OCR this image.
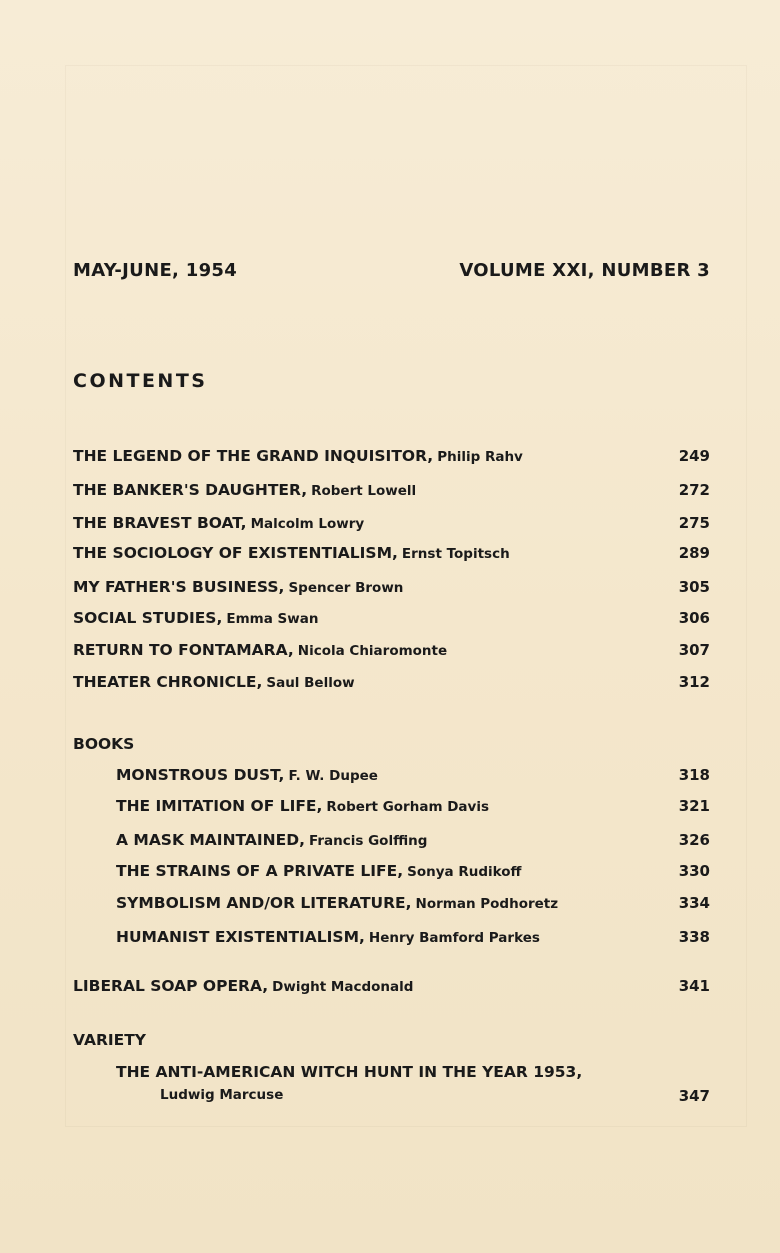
MAY-JUNE, 1954	VOLUME XXI, NUMBER 3
CONTENTS
THE LEGEND OF THE GRAND INQUISITOR, Philip Rahv	249
THE BANKER'S DAUGHTER, Robert Lowell	272
THE BRAVEST BOAT, Malcolm Lowry	275
THE SOCIOLOGY OF EXISTENTIALISM, Ernst Topitsch	289
MY FATHER'S BUSINESS, Spencer Brown	305
SOCIAL STUDIES, Emma Swan	306
RETURN TO FONTAMARA, Nicola Chiaromonte	307
THEATER CHRONICLE, Saul Bellow	312
BOOKS
MONSTROUS DUST, F. W. Dupee	318
THE IMITATION OF LIFE, Robert Gorham Davis	321
A MASK MAINTAINED, Francis Golffing	326
THE STRAINS OF A PRIVATE LIFE, Sonya Rudikoff	330
SYMBOLISM AND/OR LITERATURE, Norman Podhoretz	334
HUMANIST EXISTENTIALISM, Henry Bamford Parkes	338
LIBERAL SOAP OPERA, Dwight Macdonald	341
VARIETY
THE ANTI-AMERICAN WITCH HUNT IN THE YEAR 1953,
Ludwig Marcuse	347
